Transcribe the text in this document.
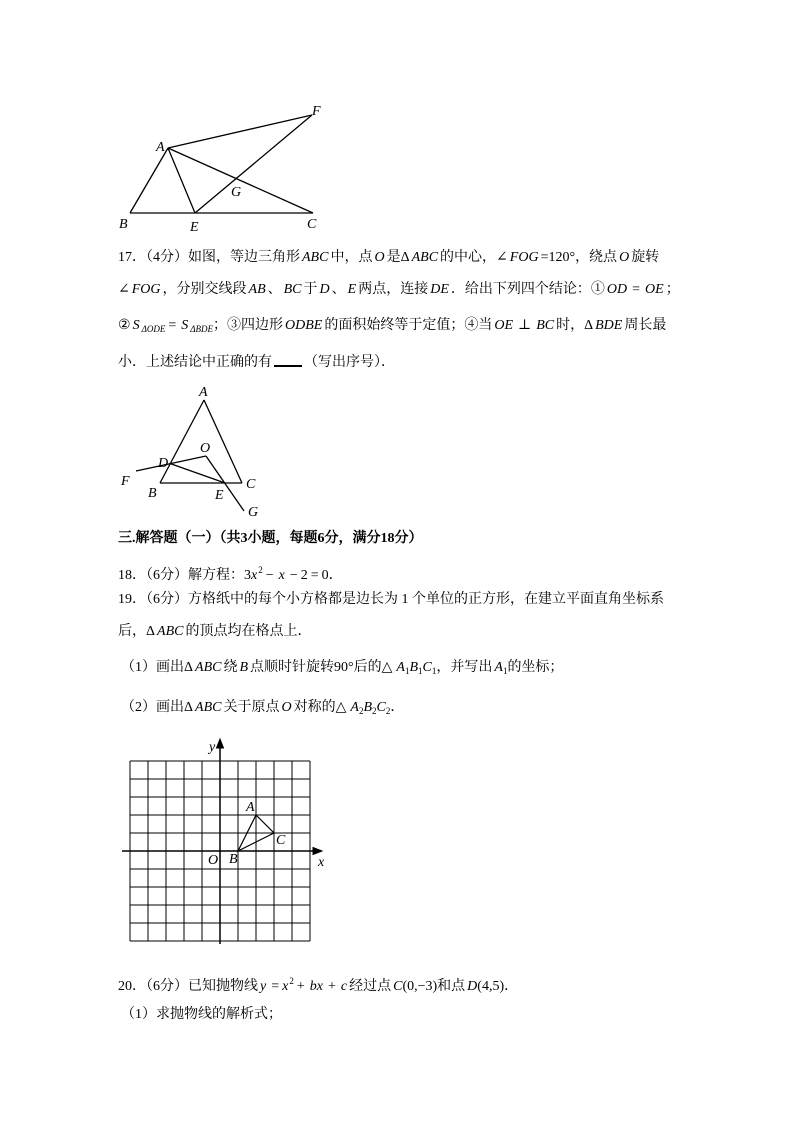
F
A
G
B	E	C
17．（4分）如图，等边三角形 ABC 中，点 O 是Δ ABC 的中心，∠ FOG =120°，绕点 O 旋转
∠ FOG ，分别交线段 AB 、 BC 于 D 、 E 两点，连接 DE ．给出下列四个结论：① OD = OE ；
② S $_{\Delta ODE}$ = S $_{\Delta BDE}$；③四边形 ODBE 的面积始终等于定值；④当 OE ⊥ BC 时，Δ BDE 周长最
小．上述结论中正确的有 （写出序号）．
A
O
D
F
B	E
C
G
三.解答题（一）（共3小题，每题6分，满分18分）
18．（6分）解方程：$3x^2 - x - 2 = 0$．
19．（6分）方格纸中的每个小方格都是边长为 1 个单位的正方形，在建立平面直角坐标系
后，Δ ABC 的顶点均在格点上．
（1）画出Δ ABC 绕 B 点顺时针旋转90°后的△ $A_1B_1C_1$，并写出 $A_1$的坐标；
（2）画出Δ ABC 关于原点 O 对称的△ $A_2B_2C_2$．
y
x
O
A
B
C
20．（6分）已知抛物线 $y = x^2$ + bx + c 经过点 C(0,−3)和点 D(4,5)．
（1）求抛物线的解析式；
